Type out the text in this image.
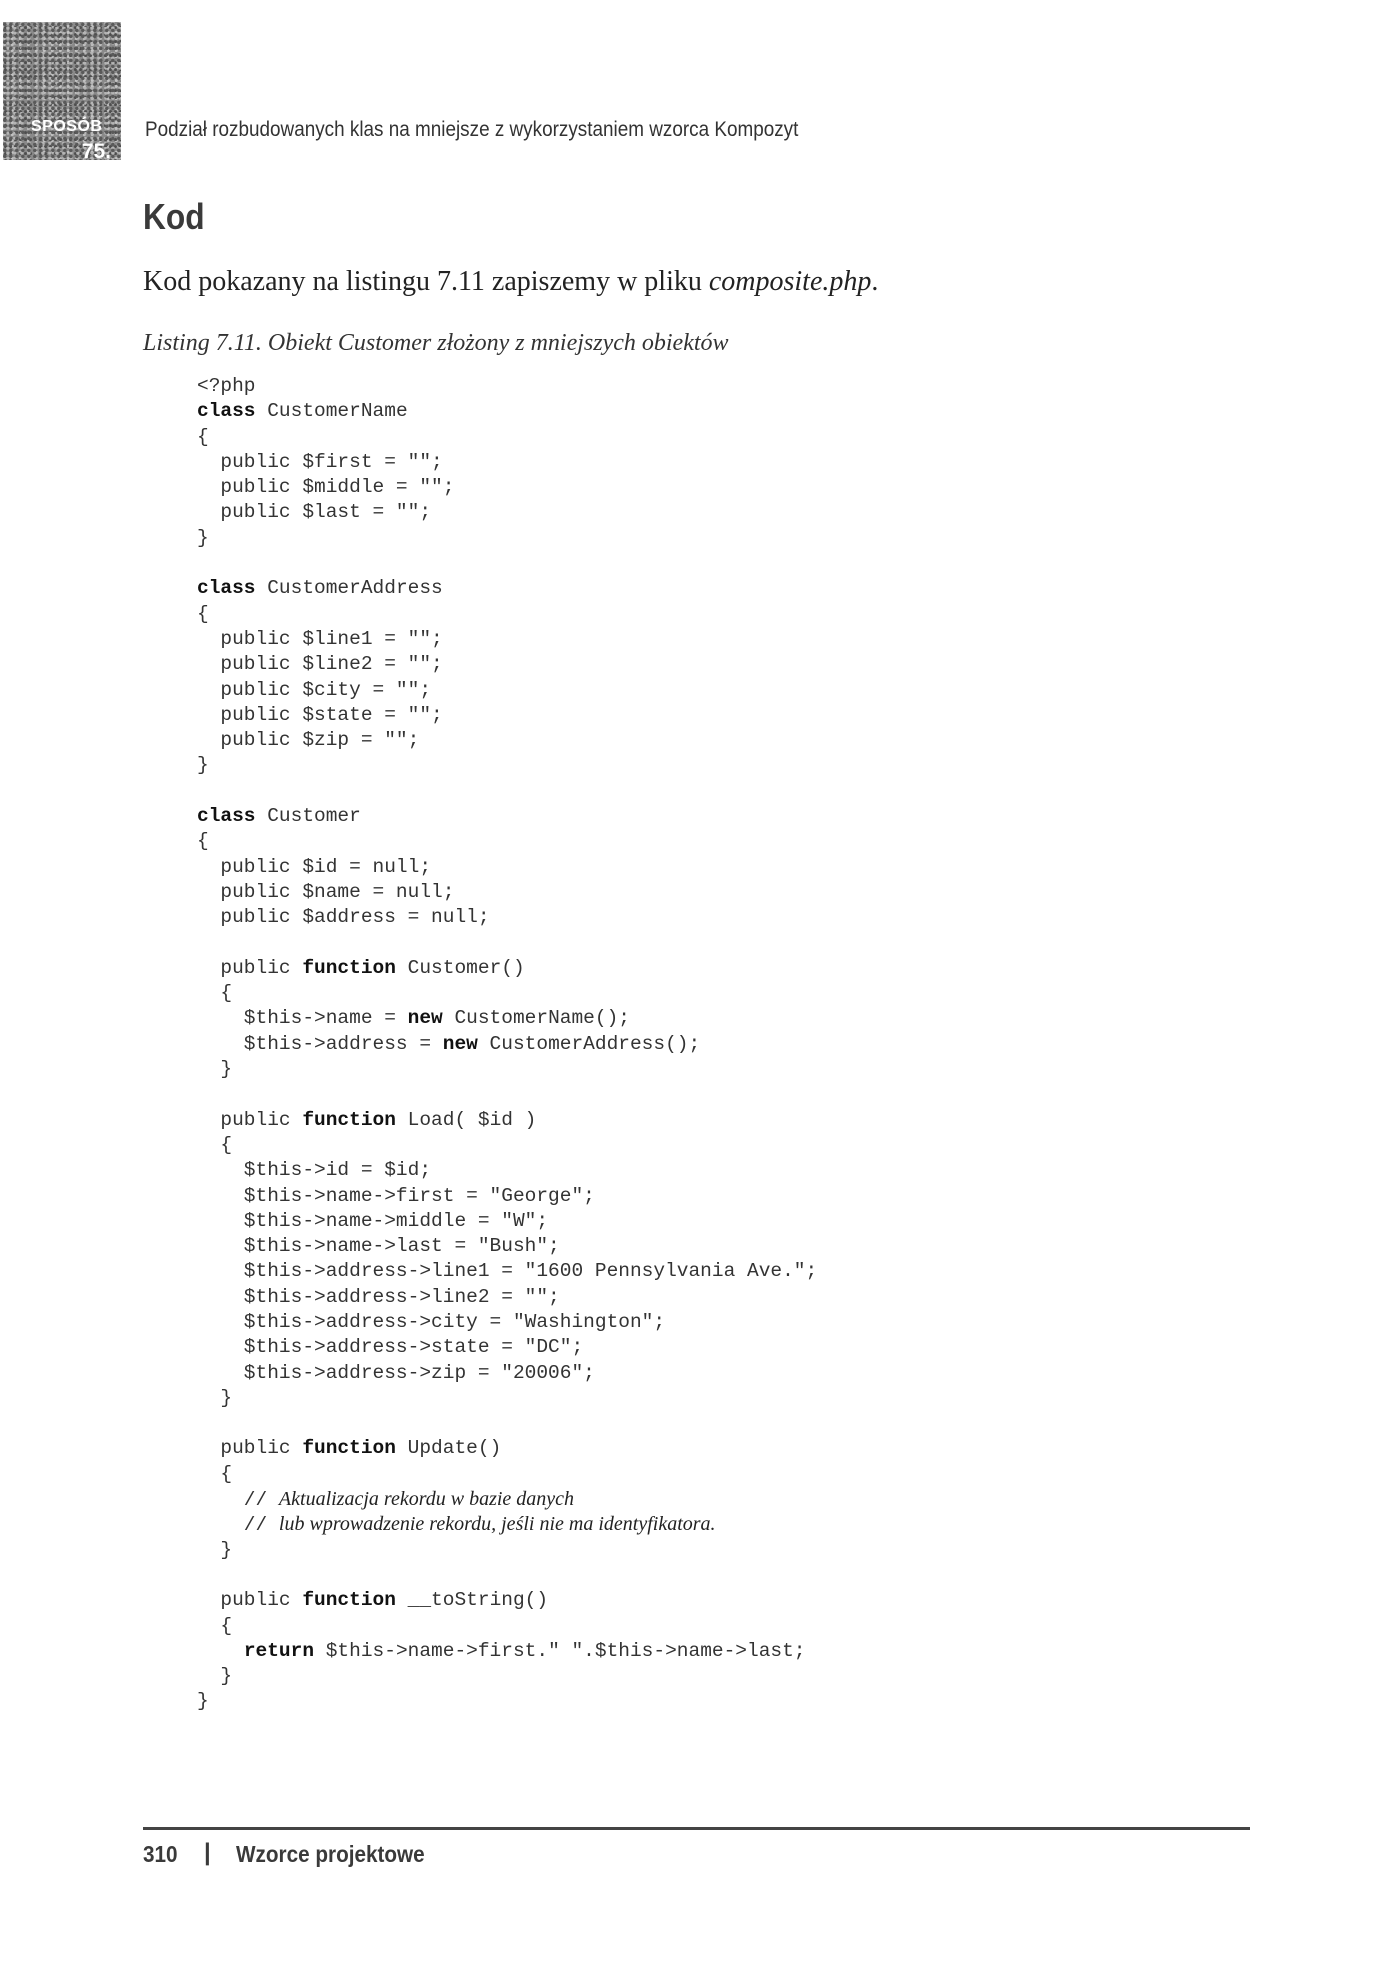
SPOSÓB
75.
Podział rozbudowanych klas na mniejsze z wykorzystaniem wzorca Kompozyt
Kod

Kod pokazany na listingu 7.11 zapiszemy w pliku composite.php.

Listing 7.11. Obiekt Customer złożony z mniejszych obiektów

<?php
class CustomerName
{
public $first = "";
public $middle = "";
public $last = "";
}

class CustomerAddress
{
public $line1 = "";
public $line2 = "";
public $city = "";
public $state = "";
public $zip = "";
}

class Customer
{
public $id = null;
public $name = null;
public $address = null;

public function Customer()
{
$this->name = new CustomerName();
$this->address = new CustomerAddress();
}

public function Load( $id )
{
$this->id = $id;
$this->name->first = "George";
$this->name->middle = "W";
$this->name->last = "Bush";
$this->address->line1 = "1600 Pennsylvania Ave.";
$this->address->line2 = "";
$this->address->city = "Washington";
$this->address->state = "DC";
$this->address->zip = "20006";
}

public function Update()
{
// Aktualizacja rekordu w bazie danych
// lub wprowadzenie rekordu, jeśli nie ma identyfikatora.
}

public function __toString()
{
return $this->name->first." ".$this->name->last;
}
}
310 | Wzorce projektowe
